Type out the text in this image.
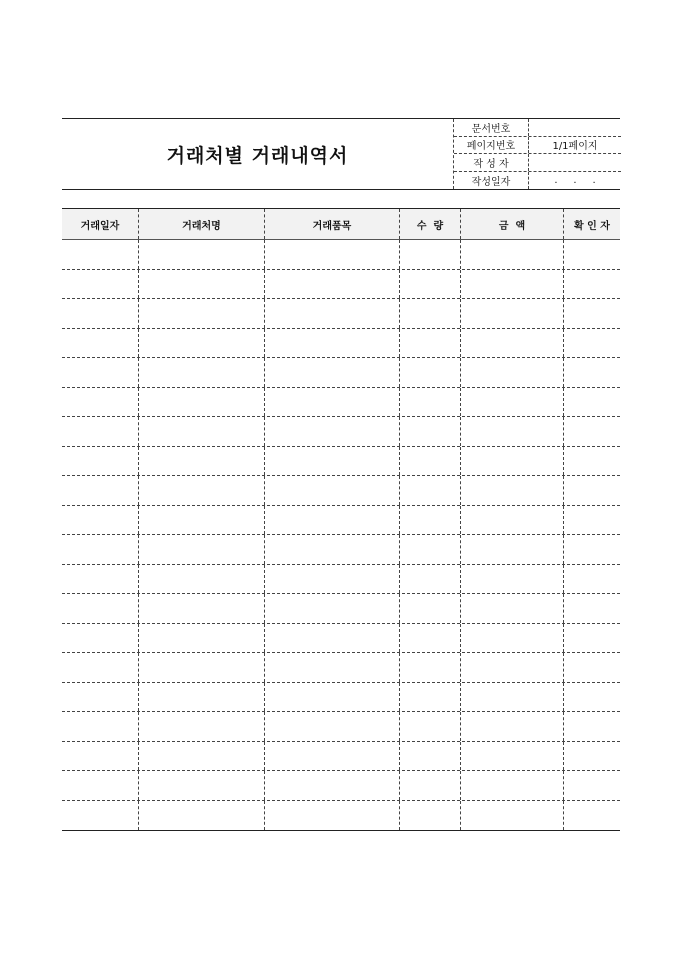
거래처별 거래내역서
문서번호
페이지번호	1/1페이지
작 성 자
작성일자	.     .     .
거래일자	거래처명	거래품목	수  량	금  액	확 인 자
